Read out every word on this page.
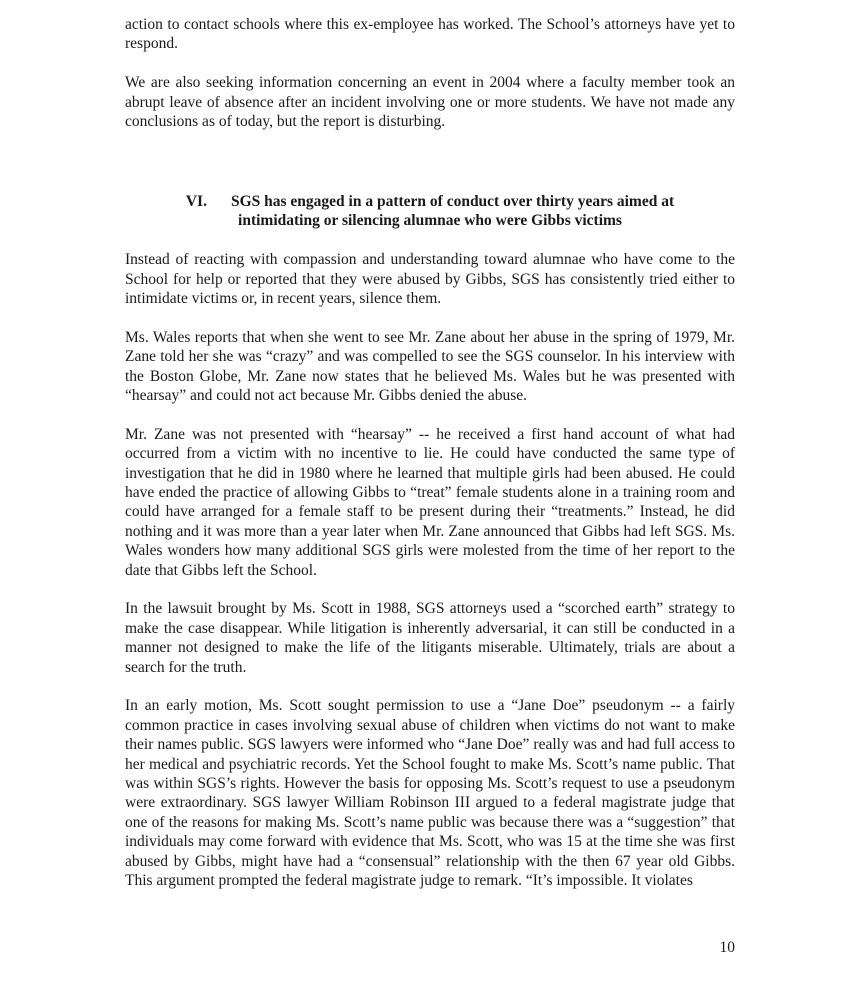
action to contact schools where this ex-employee has worked. The School’s attorneys have yet to respond.

We are also seeking information concerning an event in 2004 where a faculty member took an abrupt leave of absence after an incident involving one or more students. We have not made any conclusions as of today, but the report is disturbing.

VI. SGS has engaged in a pattern of conduct over thirty years aimed at
intimidating or silencing alumnae who were Gibbs victims

Instead of reacting with compassion and understanding toward alumnae who have come to the School for help or reported that they were abused by Gibbs, SGS has consistently tried either to intimidate victims or, in recent years, silence them.

Ms. Wales reports that when she went to see Mr. Zane about her abuse in the spring of 1979, Mr. Zane told her she was “crazy” and was compelled to see the SGS counselor. In his interview with the Boston Globe, Mr. Zane now states that he believed Ms. Wales but he was presented with “hearsay” and could not act because Mr. Gibbs denied the abuse.

Mr. Zane was not presented with “hearsay” -- he received a first hand account of what had occurred from a victim with no incentive to lie. He could have conducted the same type of investigation that he did in 1980 where he learned that multiple girls had been abused. He could have ended the practice of allowing Gibbs to “treat” female students alone in a training room and could have arranged for a female staff to be present during their “treatments.” Instead, he did nothing and it was more than a year later when Mr. Zane announced that Gibbs had left SGS. Ms. Wales wonders how many additional SGS girls were molested from the time of her report to the date that Gibbs left the School.

In the lawsuit brought by Ms. Scott in 1988, SGS attorneys used a “scorched earth” strategy to make the case disappear. While litigation is inherently adversarial, it can still be conducted in a manner not designed to make the life of the litigants miserable. Ultimately, trials are about a search for the truth.

In an early motion, Ms. Scott sought permission to use a “Jane Doe” pseudonym -- a fairly common practice in cases involving sexual abuse of children when victims do not want to make their names public. SGS lawyers were informed who “Jane Doe” really was and had full access to her medical and psychiatric records. Yet the School fought to make Ms. Scott’s name public. That was within SGS’s rights. However the basis for opposing Ms. Scott’s request to use a pseudonym were extraordinary. SGS lawyer William Robinson III argued to a federal magistrate judge that one of the reasons for making Ms. Scott’s name public was because there was a “suggestion” that individuals may come forward with evidence that Ms. Scott, who was 15 at the time she was first abused by Gibbs, might have had a “consensual” relationship with the then 67 year old Gibbs. This argument prompted the federal magistrate judge to remark. “It’s impossible. It violates

10
